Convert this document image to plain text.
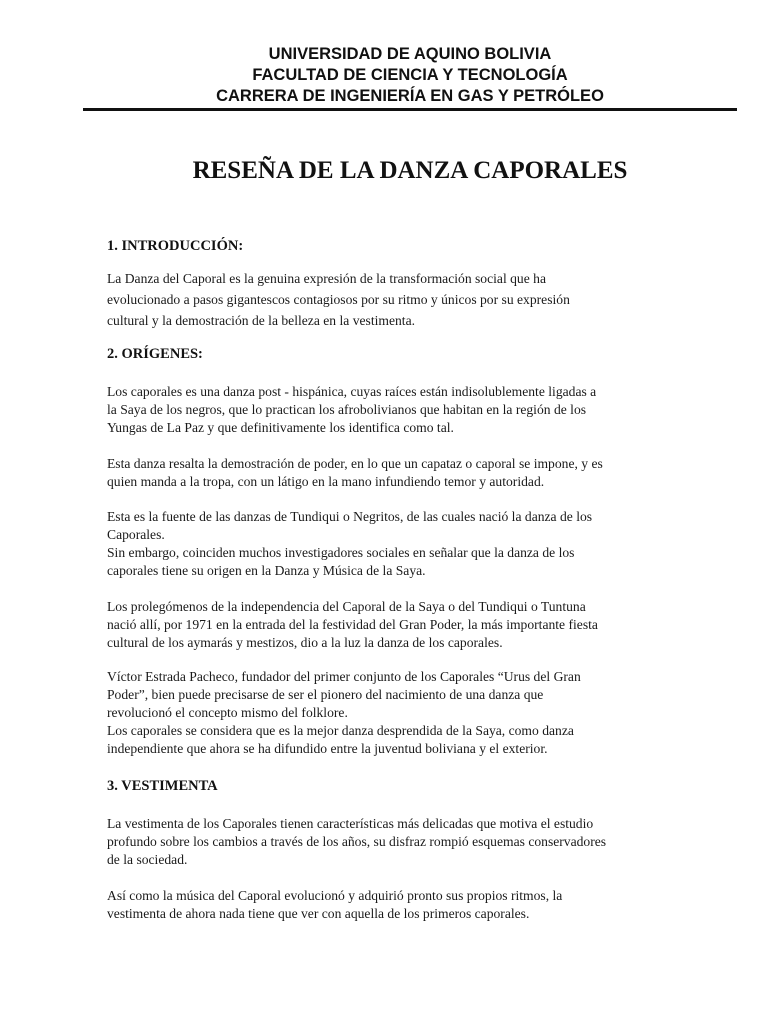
UNIVERSIDAD DE AQUINO BOLIVIA
FACULTAD DE CIENCIA Y TECNOLOGÍA
CARRERA DE INGENIERÍA EN GAS Y PETRÓLEO
RESEÑA DE LA DANZA CAPORALES
1. INTRODUCCIÓN:
La Danza del Caporal es la genuina expresión de la transformación social que ha
evolucionado a pasos gigantescos contagiosos por su ritmo y únicos por su expresión
cultural y la demostración de la belleza en la vestimenta.
2. ORÍGENES:
Los caporales es una danza post - hispánica, cuyas raíces están indisolublemente ligadas a
la Saya de los negros, que lo practican los afrobolivianos que habitan en la región de los
Yungas de La Paz y que definitivamente los identifica como tal.
Esta danza resalta la demostración de poder, en lo que un capataz o caporal se impone, y es
quien manda a la tropa, con un látigo en la mano infundiendo temor y autoridad.
Esta es la fuente de las danzas de Tundiqui o Negritos, de las cuales nació la danza de los
Caporales.
Sin embargo, coinciden muchos investigadores sociales en señalar que la danza de los
caporales tiene su origen en la Danza y Música de la Saya.
Los prolegómenos de la independencia del Caporal de la Saya o del Tundiqui o Tuntuna
nació allí, por 1971 en la entrada del la festividad del Gran Poder, la más importante fiesta
cultural de los aymarás y mestizos, dio a la luz la danza de los caporales.
Víctor Estrada Pacheco, fundador del primer conjunto de los Caporales “Urus del Gran
Poder”, bien puede precisarse de ser el pionero del nacimiento de una danza que
revolucionó el concepto mismo del folklore.
Los caporales se considera que es la mejor danza desprendida de la Saya, como danza
independiente que ahora se ha difundido entre la juventud boliviana y el exterior.
3. VESTIMENTA
La vestimenta de los Caporales tienen características más delicadas que motiva el estudio
profundo sobre los cambios a través de los años, su disfraz rompió esquemas conservadores
de la sociedad.
Así como la música del Caporal evolucionó y adquirió pronto sus propios ritmos, la
vestimenta de ahora nada tiene que ver con aquella de los primeros caporales.
